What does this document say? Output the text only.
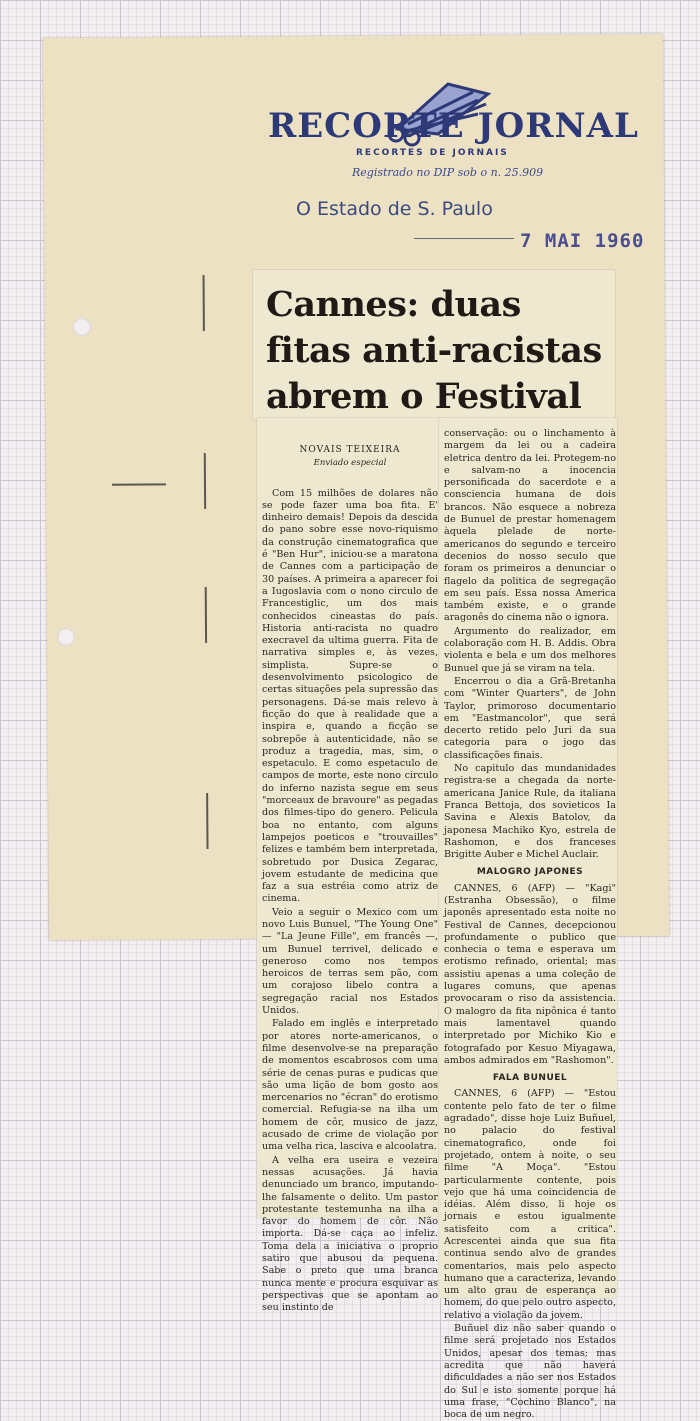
RECORTE JORNAL
RECORTES DE JORNAIS
Registrado no DIP sob o n. 25.909
O Estado de S. Paulo
7 MAI 1960
Cannes: duas fitas anti-racistas abrem o Festival
NOVAIS TEIXEIRA
Enviado especial

Com 15 milhões de dolares não se pode fazer uma boa fita. E' dinheiro demais! Depois da descida do pano sobre esse novo-riquismo da construção cinematografica que é "Ben Hur", iniciou-se a maratona de Cannes com a participação de 30 países. A primeira a aparecer foi a Iugoslavia com o nono circulo de Francestiglic, um dos mais conhecidos cineastas do país. Historia anti-racista no quadro execravel da ultima guerra. Fita de narrativa simples e, às vezes, simplista. Supre-se o desenvolvimento psicologico de certas situações pela supressão das personagens. Dá-se mais relevo à ficção do que à realidade que a inspira e, quando a ficção se sobrepõe à autenticidade, não se produz a tragedia, mas, sim, o espetaculo. E como espetaculo de campos de morte, este nono circulo do inferno nazista segue em seus "morceaux de bravoure" as pegadas dos filmes-tipo do genero. Pelicula boa no entanto, com alguns lampejos poeticos e "trouvailles" felizes e também bem interpretada, sobretudo por Dusica Zegarac, jovem estudante de medicina que faz a sua estréia como atriz de cinema.

Veio a seguir o Mexico com um novo Luis Bunuel, "The Young One" — "La Jeune Fille", em francês —, um Bunuel terrivel, delicado e generoso como nos tempos heroicos de terras sem pão, com um corajoso libelo contra a segregação racial nos Estados Unidos.

Falado em inglês e interpretado por atores norte-americanos, o filme desenvolve-se na preparação de momentos escabrosos com uma série de cenas puras e pudicas que são uma lição de bom gosto aos mercenarios no "écran" do erotismo comercial. Refugia-se na ilha um homem de côr, musico de jazz, acusado de crime de violação por uma velha rica, lasciva e alcoolatra.

A velha era useira e vezeira nessas acusações. Já havia denunciado um branco, imputando-lhe falsamente o delito. Um pastor protestante testemunha na ilha a favor do homem de côr. Não importa. Dá-se caça ao infeliz. Toma dela a iniciativa o proprio satiro que abusou da pequena. Sabe o preto que uma branca nunca mente e procura esquivar as perspectivas que se apontam ao seu instinto de

conservação: ou o linchamento à margem da lei ou a cadeira eletrica dentro da lei. Protegem-no e salvam-no a inocencia personificada do sacerdote e a consciencia humana de dois brancos. Não esquece a nobreza de Bunuel de prestar homenagem àquela plelade de norte-americanos do segundo e terceiro decenios do nosso seculo que foram os primeiros a denunciar o flagelo da politica de segregação em seu país. Essa nossa America também existe, e o grande aragonês do cinema não o ignora.

Argumento do realizador, em colaboração com H. B. Addis. Obra violenta e bela e um dos melhores Bunuel que já se viram na tela.

Encerrou o dia a Grã-Bretanha com "Winter Quarters", de John Taylor, primoroso documentario em "Eastmancolor", que será decerto retido pelo Juri da sua categoria para o jogo das classificações finais.

No capitulo das mundanidades registra-se a chegada da norte-americana Janice Rule, da italiana Franca Bettoja, dos sovieticos Ia Savina e Alexis Batolov, da japonesa Machiko Kyo, estrela de Rashomon, e dos franceses Brigitte Auber e Michel Auclair.

MALOGRO JAPONES

CANNES, 6 (AFP) — "Kagi" (Estranha Obsessão), o filme japonês apresentado esta noite no Festival de Cannes, decepcionou profundamente o publico que conhecia o tema e esperava um erotismo refinado, oriental; mas assistiu apenas a uma coleção de lugares comuns, que apenas provocaram o riso da assistencia. O malogro da fita nipônica é tanto mais lamentavel quando interpretado por Michiko Kio e fotografado por Kesuo Miyagawa, ambos admirados em "Rashomon".

FALA BUNUEL

CANNES, 6 (AFP) — "Estou contente pelo fato de ter o filme agradado", disse hoje Luiz Buñuel, no palacio do festival cinematografico, onde foi projetado, ontem à noite, o seu filme "A Moça". "Estou particularmente contente, pois vejo que há uma coincidencia de idéias. Além disso, li hoje os jornais e estou igualmente satisfeito com a critica". Acrescentei ainda que sua fita continua sendo alvo de grandes comentarios, mais pelo aspecto humano que a caracteriza, levando um alto grau de esperança ao homem, do que pelo outro aspecto, relativo a violação da jovem.

Buñuel diz não saber quando o filme será projetado nos Estados Unidos, apesar dos temas; mas acredita que não haverá dificuldades a não ser nos Estados do Sul e isto somente porque há uma frase, "Cochino Blanco", na boca de um negro.
